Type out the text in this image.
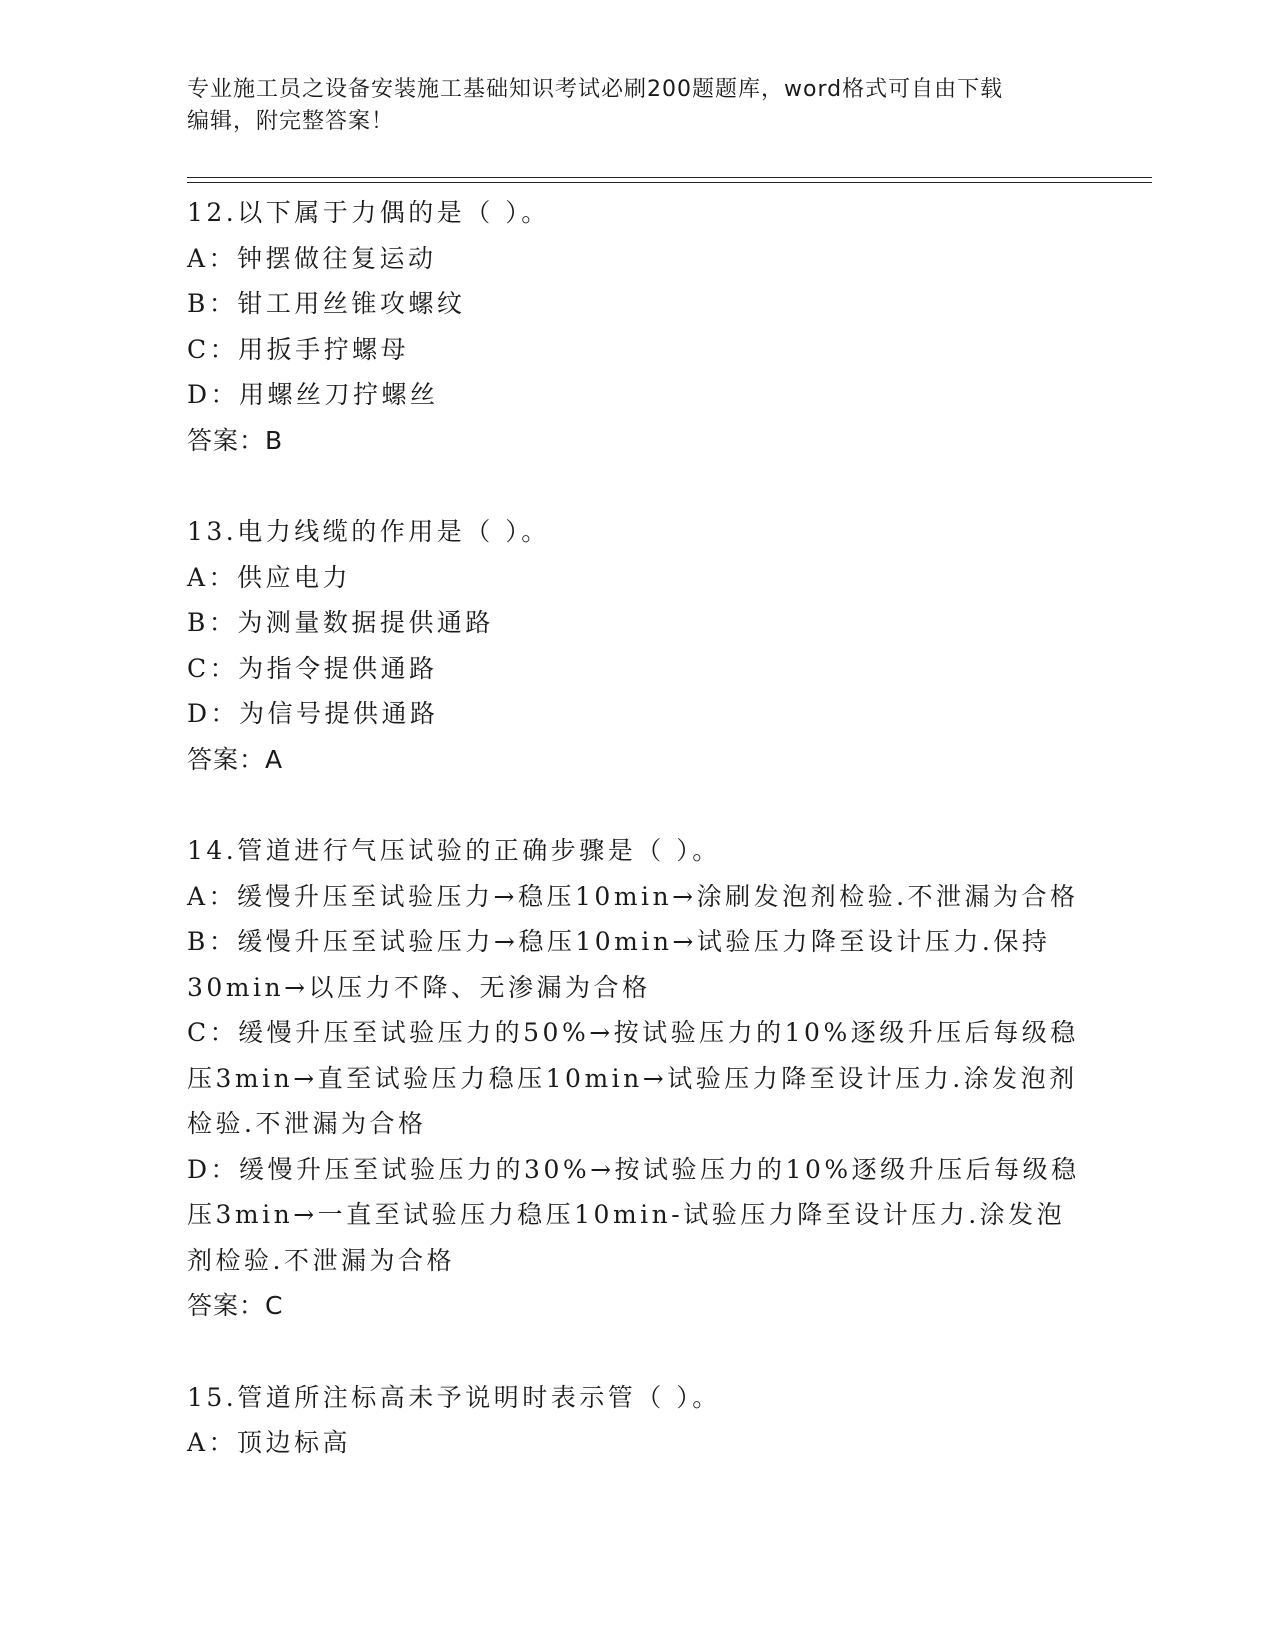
专业施工员之设备安装施工基础知识考试必刷200题题库，word格式可自由下载
编辑，附完整答案！

12.以下属于力偶的是（ ）。

A：钟摆做往复运动

B：钳工用丝锥攻螺纹

C：用扳手拧螺母

D：用螺丝刀拧螺丝

答案：B

13.电力线缆的作用是（ ）。

A：供应电力

B：为测量数据提供通路

C：为指令提供通路

D：为信号提供通路

答案：A

14.管道进行气压试验的正确步骤是（ ）。

A：缓慢升压至试验压力→稳压10min→涂刷发泡剂检验.不泄漏为合格

B：缓慢升压至试验压力→稳压10min→试验压力降至设计压力.保持30min→以压力不降、无渗漏为合格

C：缓慢升压至试验压力的50%→按试验压力的10%逐级升压后每级稳压3min→直至试验压力稳压10min→试验压力降至设计压力.涂发泡剂检验.不泄漏为合格

D：缓慢升压至试验压力的30%→按试验压力的10%逐级升压后每级稳压3min→一直至试验压力稳压10min-试验压力降至设计压力.涂发泡剂检验.不泄漏为合格

答案：C

15.管道所注标高未予说明时表示管（ ）。

A：顶边标高
